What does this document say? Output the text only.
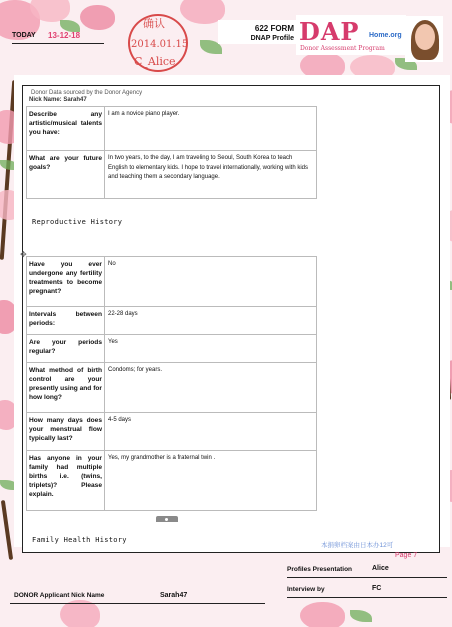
TODAY 13-12-18
确认
2014.01.15
C_Alice
622 FORM
DNAP Profile DAP Home.org
Donor Assessment Program
Donor Data sourced by the Donor Agency
Nick Name: Sarah47
Describe any artistic/musical talents you have:	I am a novice piano player.
What are your future goals?	In two years, to the day, I am traveling to Seoul, South Korea to teach English to elementary kids. I hope to travel internationally, working with kids and teaching them a secondary language.
Reproductive History
✥
Have you ever undergone any fertility treatments to become pregnant?	No
Intervals between periods:	22-28 days
Are your periods regular?	Yes
What method of birth control are your presently using and for how long?	Condoms; for years.
How many days does your menstrual flow typically last?	4-5 days
Has anyone in your family had multiple births i.e. (twins, triplets)? Please explain.	Yes, my grandmother is a fraternal twin .
Family Health History
本捐卵档案由日本办12可
Page 7
Profiles Presentation	Alice
Interview by	FC
DONOR Applicant Nick Name	Sarah47
